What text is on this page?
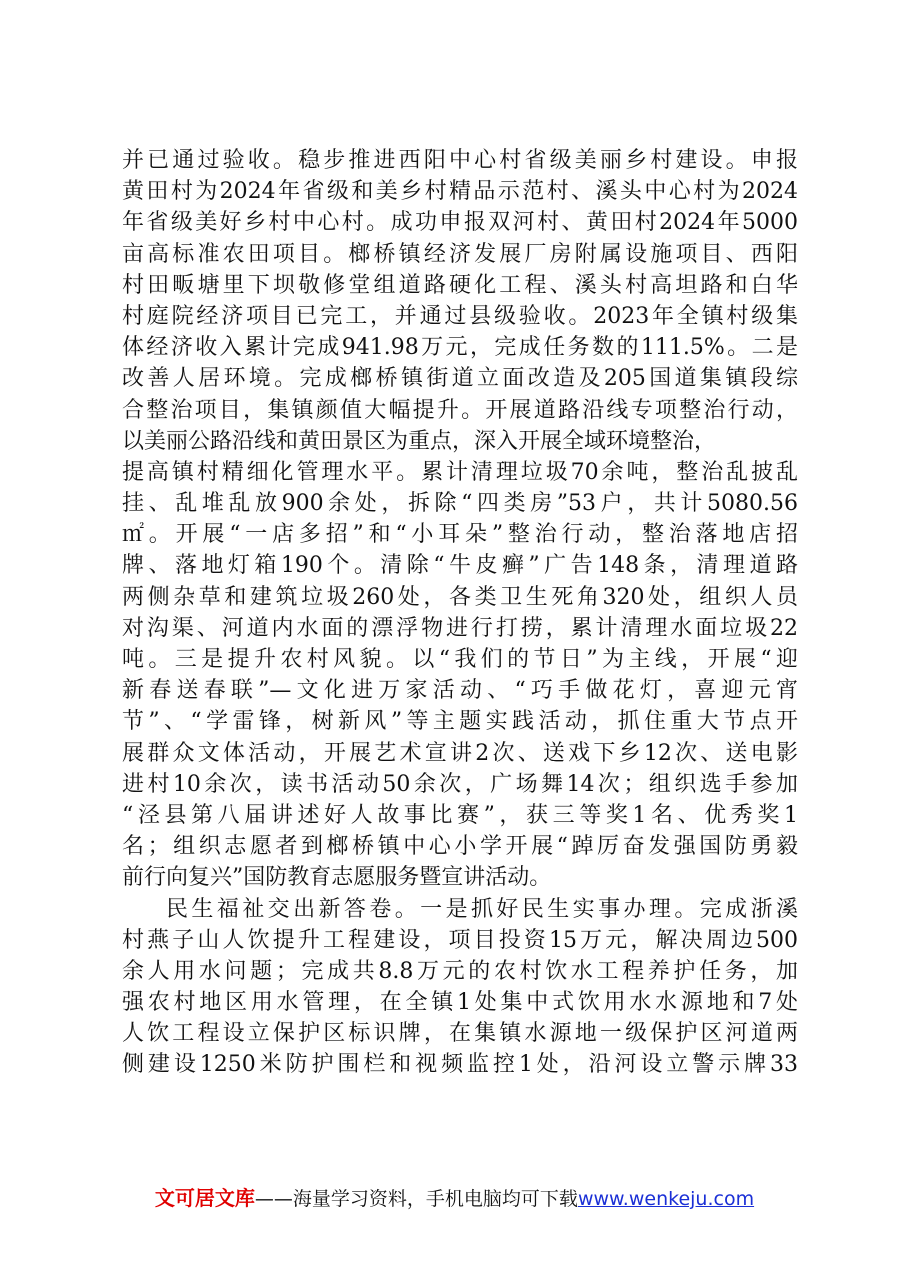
并已通过验收。稳步推进西阳中心村省级美丽乡村建设。申报
黄田村为2024年省级和美乡村精品示范村、溪头中心村为2024
年省级美好乡村中心村。成功申报双河村、黄田村2024年5000
亩高标准农田项目。榔桥镇经济发展厂房附属设施项目、西阳
村田畈塘里下坝敬修堂组道路硬化工程、溪头村高坦路和白华
村庭院经济项目已完工，并通过县级验收。2023年全镇村级集
体经济收入累计完成941.98万元，完成任务数的111.5%。二是
改善人居环境。完成榔桥镇街道立面改造及205国道集镇段综
合整治项目，集镇颜值大幅提升。开展道路沿线专项整治行动，
以美丽公路沿线和黄田景区为重点，深入开展全域环境整治，
提高镇村精细化管理水平。累计清理垃圾70余吨，整治乱披乱
挂、乱堆乱放900余处，拆除“四类房”53户，共计5080.56
㎡。开展“一店多招”和“小耳朵”整治行动，整治落地店招
牌、落地灯箱190个。清除“牛皮癣”广告148条，清理道路
两侧杂草和建筑垃圾260处，各类卫生死角320处，组织人员
对沟渠、河道内水面的漂浮物进行打捞，累计清理水面垃圾22
吨。三是提升农村风貌。以“我们的节日”为主线，开展“迎
新春送春联”—文化进万家活动、“巧手做花灯，喜迎元宵
节”、“学雷锋，树新风”等主题实践活动，抓住重大节点开
展群众文体活动，开展艺术宣讲2次、送戏下乡12次、送电影
进村10余次，读书活动50余次，广场舞14次；组织选手参加
“泾县第八届讲述好人故事比赛”，获三等奖1名、优秀奖1
名；组织志愿者到榔桥镇中心小学开展“踔厉奋发强国防勇毅
前行向复兴”国防教育志愿服务暨宣讲活动。
民生福祉交出新答卷。一是抓好民生实事办理。完成浙溪
村燕子山人饮提升工程建设，项目投资15万元，解决周边500
余人用水问题；完成共8.8万元的农村饮水工程养护任务，加
强农村地区用水管理，在全镇1处集中式饮用水水源地和7处
人饮工程设立保护区标识牌，在集镇水源地一级保护区河道两
侧建设1250米防护围栏和视频监控1处，沿河设立警示牌33
文可居文库——海量学习资料，手机电脑均可下载www.wenkeju.com
